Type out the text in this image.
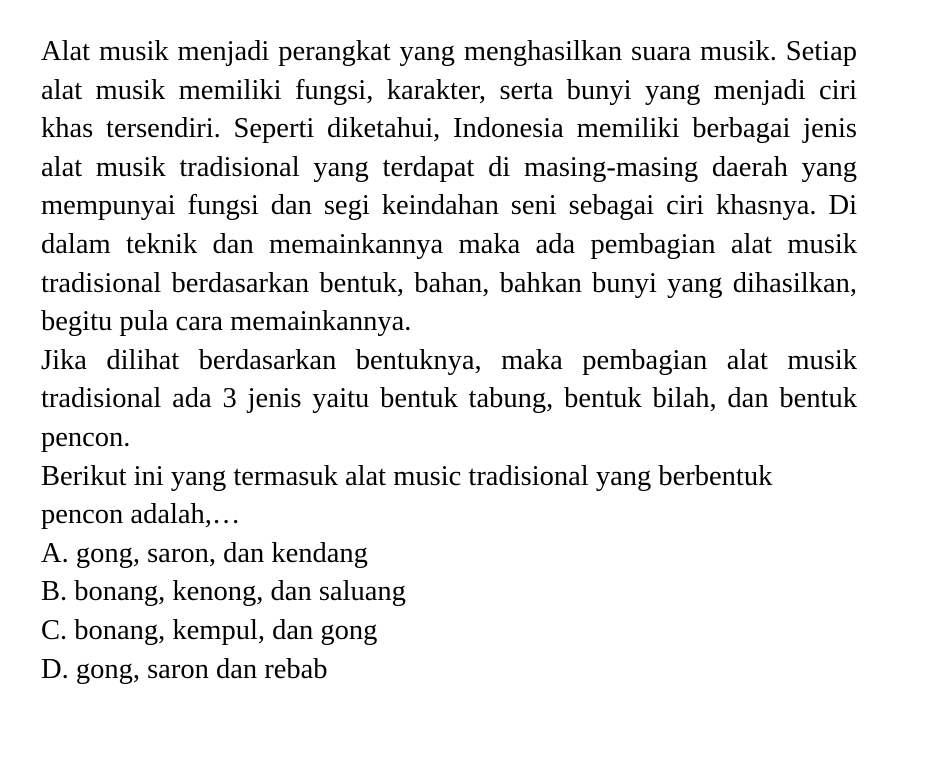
Alat musik menjadi perangkat yang menghasilkan suara musik. Setiap alat musik memiliki fungsi, karakter, serta bunyi yang menjadi ciri khas tersendiri. Seperti diketahui, Indonesia memiliki berbagai jenis alat musik tradisional yang terdapat di masing-masing daerah yang mempunyai fungsi dan segi keindahan seni sebagai ciri khasnya. Di dalam teknik dan memainkannya maka ada pembagian alat musik tradisional berdasarkan bentuk, bahan, bahkan bunyi yang dihasilkan, begitu pula cara memainkannya.

Jika dilihat berdasarkan bentuknya, maka pembagian alat musik tradisional ada 3 jenis yaitu bentuk tabung, bentuk bilah, dan bentuk pencon.

Berikut ini yang termasuk alat music tradisional yang berbentuk pencon adalah,…

A. gong, saron, dan kendang
B. bonang, kenong, dan saluang
C. bonang, kempul, dan gong
D. gong, saron dan rebab
